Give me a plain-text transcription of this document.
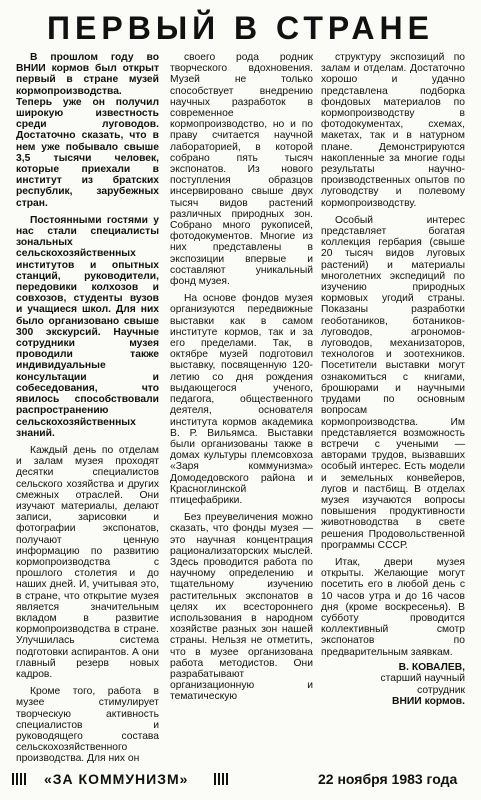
ПЕРВЫЙ В СТРАНЕ

В прошлом году во ВНИИ кормов был открыт первый в стране музей кормопроизводства. Теперь уже он получил широкую известность среди луговодов. Достаточно сказать, что в нем уже побывало свыше 3,5 тысячи человек, которые приехали в институт из братских республик, зарубежных стран.

Постоянными гостями у нас стали специалисты зональных сельскохозяйственных институтов и опытных станций, руководители, передовики колхозов и совхозов, студенты вузов и учащиеся школ. Для них было организовано свыше 300 экскурсий. Научные сотрудники музея проводили также индивидуальные консультации и собеседования, что явилось способствовали распространению сельскохозяйственных знаний.

Каждый день по отделам и залам музея проходят десятки специалистов сельского хозяйства и других смежных отраслей. Они изучают материалы, делают записи, зарисовки и фотографии экспонатов, получают ценную информацию по развитию кормопроизводства с прошлого столетия и до наших дней. И, учитывая это, в стране, что открытие музея является значительным вкладом в развитие кормопроизводства в стране. Улучшилась система подготовки аспирантов. А они главный резерв новых кадров.

Кроме того, работа в музее стимулирует творческую активность специалистов и руководящего состава сельскохозяйственного производства. Для них он

своего рода родник творческого вдохновения. Музей не только способствует внедрению научных разработок в современное кормопроизводство, но и по праву считается научной лабораторией, в которой собрано пять тысяч экспонатов. Из нового поступления образцов инсервировано свыше двух тысяч видов растений различных природных зон. Собрано много рукописей, фотодокументов. Многие из них представлены в экспозиции впервые и составляют уникальный фонд музея.

На основе фондов музея организуются передвижные выставки как в самом институте кормов, так и за его пределами. Так, в октябре музей подготовил выставку, посвященную 120-летию со дня рождения выдающегося ученого, педагога, общественного деятеля, основателя института кормов академика В. Р. Вильямса. Выставки были организованы также в домах культуры племсовхоза «Заря коммунизма» Домодедовского района и Красноглинской птицефабрики.

Без преувеличения можно сказать, что фонды музея — это научная концентрация рационализаторских мыслей. Здесь проводится работа по научному определению и тщательному изучению растительных экспонатов в целях их всестороннего использования в народном хозяйстве разных зон нашей страны. Нельзя не отметить, что в музее организована работа методистов. Они разрабатывают организационную и тематическую

структуру экспозиций по залам и отделам. Достаточно хорошо и удачно представлена подборка фондовых материалов по кормопроизводству в фотодокументах, схемах, макетах, так и в натурном плане. Демонстрируются накопленные за многие годы результаты научно-производственных опытов по луговодству и полевому кормопроизводству.

Особый интерес представляет богатая коллекция гербария (свыше 20 тысяч видов луговых растений) и материалы многолетних экспедиций по изучению природных кормовых угодий страны. Показаны разработки геоботаников, ботаников-луговодов, агрономов-луговодов, механизаторов, технологов и зоотехников. Посетители выставки могут ознакомиться с книгами, брошюрами и научными трудами по основным вопросам кормопроизводства. Им представляется возможность встречи с учеными — авторами трудов, вызвавших особый интерес. Есть модели и земельных конвейеров, лугов и пастбищ. В отделах музея изучаются вопросы повышения продуктивности животноводства в свете решения Продовольственной программы СССР.

Итак, двери музея открыты. Желающие могут посетить его в любой день с 10 часов утра и до 16 часов дня (кроме воскресенья). В субботу проводится коллективный смотр экспонатов по предварительным заявкам.

В. КОВАЛЕВ,
старший научный
сотрудник
ВНИИ кормов.
«ЗА КОММУНИЗМ»	22 ноября 1983 года
